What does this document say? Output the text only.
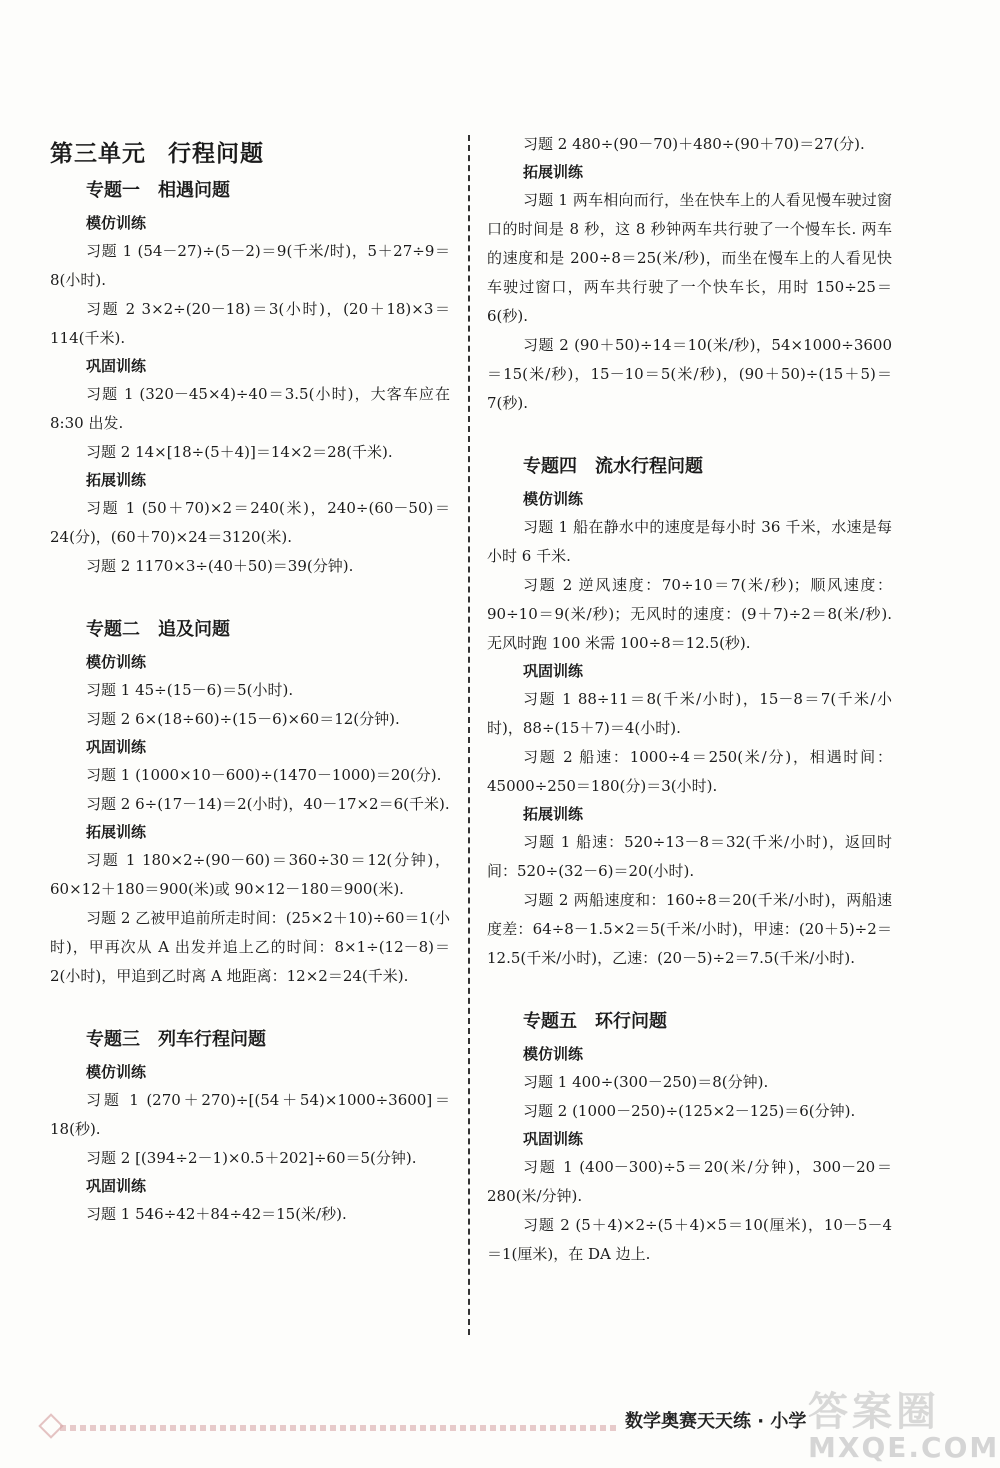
第三单元 行程问题
专题一 相遇问题
模仿训练

习题 1 (54－27)÷(5－2)＝9(千米/时)，5＋27÷9＝8(小时).

习题 2 3×2÷(20－18)＝3(小时)，(20＋18)×3＝114(千米).

巩固训练

习题 1 (320－45×4)÷40＝3.5(小时)，大客车应在 8:30 出发.

习题 2 14×[18÷(5＋4)]＝14×2＝28(千米).

拓展训练

习题 1 (50＋70)×2＝240(米)，240÷(60－50)＝24(分)，(60＋70)×24＝3120(米).

习题 2 1170×3÷(40＋50)＝39(分钟).

专题二 追及问题
模仿训练

习题 1 45÷(15－6)＝5(小时).

习题 2 6×(18÷60)÷(15－6)×60＝12(分钟).

巩固训练

习题 1 (1000×10－600)÷(1470－1000)＝20(分).

习题 2 6÷(17－14)＝2(小时)，40－17×2＝6(千米).

拓展训练

习题 1 180×2÷(90－60)＝360÷30＝12(分钟)，60×12＋180＝900(米)或 90×12－180＝900(米).

习题 2 乙被甲追前所走时间：(25×2＋10)÷60＝1(小时)，甲再次从 A 出发并追上乙的时间：8×1÷(12－8)＝2(小时)，甲追到乙时离 A 地距离：12×2＝24(千米).

专题三 列车行程问题
模仿训练

习题 1 (270＋270)÷[(54＋54)×1000÷3600]＝18(秒).

习题 2 [(394÷2－1)×0.5＋202]÷60＝5(分钟).

巩固训练

习题 1 546÷42＋84÷42＝15(米/秒).

习题 2 480÷(90－70)＋480÷(90＋70)＝27(分).

拓展训练

习题 1 两车相向而行，坐在快车上的人看见慢车驶过窗口的时间是 8 秒，这 8 秒钟两车共行驶了一个慢车长. 两车的速度和是 200÷8＝25(米/秒)，而坐在慢车上的人看见快车驶过窗口，两车共行驶了一个快车长，用时 150÷25＝6(秒).

习题 2 (90＋50)÷14＝10(米/秒)，54×1000÷3600＝15(米/秒)，15－10＝5(米/秒)，(90＋50)÷(15＋5)＝7(秒).

专题四 流水行程问题
模仿训练

习题 1 船在静水中的速度是每小时 36 千米，水速是每小时 6 千米.

习题 2 逆风速度：70÷10＝7(米/秒)；顺风速度：90÷10＝9(米/秒)；无风时的速度：(9＋7)÷2＝8(米/秒). 无风时跑 100 米需 100÷8＝12.5(秒).

巩固训练

习题 1 88÷11＝8(千米/小时)，15－8＝7(千米/小时)，88÷(15＋7)＝4(小时).

习题 2 船速：1000÷4＝250(米/分)，相遇时间：45000÷250＝180(分)＝3(小时).

拓展训练

习题 1 船速：520÷13－8＝32(千米/小时)，返回时间：520÷(32－6)＝20(小时).

习题 2 两船速度和：160÷8＝20(千米/小时)，两船速度差：64÷8－1.5×2＝5(千米/小时)，甲速：(20＋5)÷2＝12.5(千米/小时)，乙速：(20－5)÷2＝7.5(千米/小时).

专题五 环行问题
模仿训练

习题 1 400÷(300－250)＝8(分钟).

习题 2 (1000－250)÷(125×2－125)＝6(分钟).

巩固训练

习题 1 (400－300)÷5＝20(米/分钟)，300－20＝280(米/分钟).

习题 2 (5＋4)×2÷(5＋4)×5＝10(厘米)，10－5－4＝1(厘米)，在 DA 边上.

数学奥赛天天练 · 小学 答案圈
MXQE.COM
